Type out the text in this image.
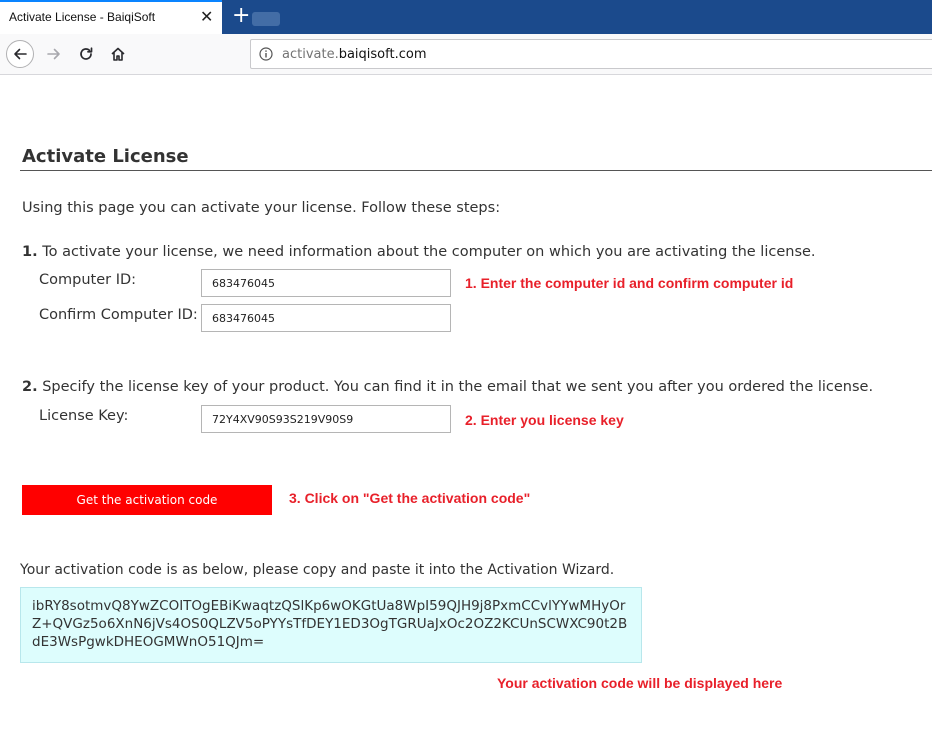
Activate License - BaiqiSoft	✕ +
activate.baiqisoft.com
Activate License
Using this page you can activate your license. Follow these steps:
1. To activate your license, we need information about the computer on which you are activating the license.
Computer ID:
683476045	1. Enter the computer id and confirm computer id
Confirm Computer ID:
683476045
2. Specify the license key of your product. You can find it in the email that we sent you after you ordered the license.
License Key:
72Y4XV90S93S219V90S9	2. Enter you license key
Get the activation code	3. Click on "Get the activation code"
Your activation code is as below, please copy and paste it into the Activation Wizard.
ibRY8sotmvQ8YwZCOITOgEBiKwaqtzQSlKp6wOKGtUa8WpI59QJH9j8PxmCCvlYYwMHyOrZ+QVGz5o6XnN6jVs4OS0QLZV5oPYYsTfDEY1ED3OgTGRUaJxOc2OZ2KCUnSCWXC90t2BdE3WsPgwkDHEOGMWnO51QJm=
Your activation code will be displayed here
